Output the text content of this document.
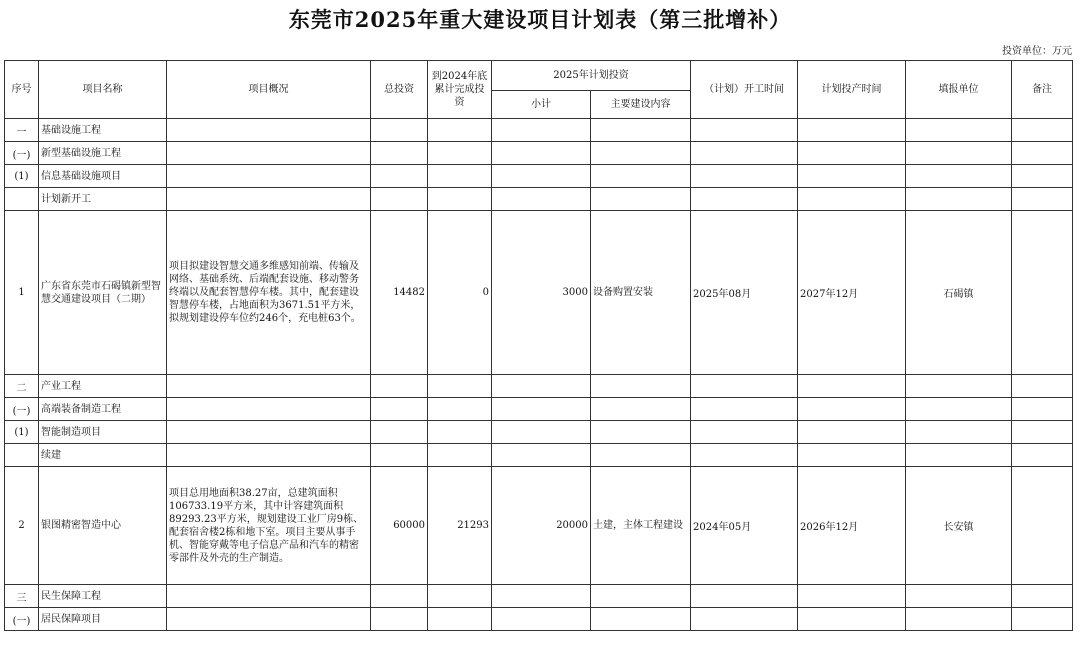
东莞市2025年重大建设项目计划表（第三批增补）
投资单位：万元
序号	项目名称	项目概况	总投资	到2024年底累计完成投资	2025年计划投资		（计划）开工时间	计划投产时间	填报单位	备注
					小计	主要建设内容				
一	基础设施工程									
(一)	新型基础设施工程									
(1)	信息基础设施项目									
	计划新开工									
1	广东省东莞市石碣镇新型智慧交通建设项目（二期）	项目拟建设智慧交通多维感知前端、传输及网络、基础系统、后端配套设施、移动警务终端以及配套智慧停车楼。其中，配套建设智慧停车楼，占地面积为3671.51平方米，拟规划建设停车位约246个，充电桩63个。	14482	0	3000	设备购置安装	2025年08月	2027年12月	石碣镇	
二	产业工程									
(一)	高端装备制造工程									
(1)	智能制造项目									
	续建									
2	银图精密智造中心	项目总用地面积38.27亩，总建筑面积106733.19平方米，其中计容建筑面积89293.23平方米，规划建设工业厂房9栋、配套宿舍楼2栋和地下室。项目主要从事手机、智能穿戴等电子信息产品和汽车的精密零部件及外壳的生产制造。	60000	21293	20000	土建，主体工程建设	2024年05月	2026年12月	长安镇	
三	民生保障工程									
(一)	居民保障项目									
